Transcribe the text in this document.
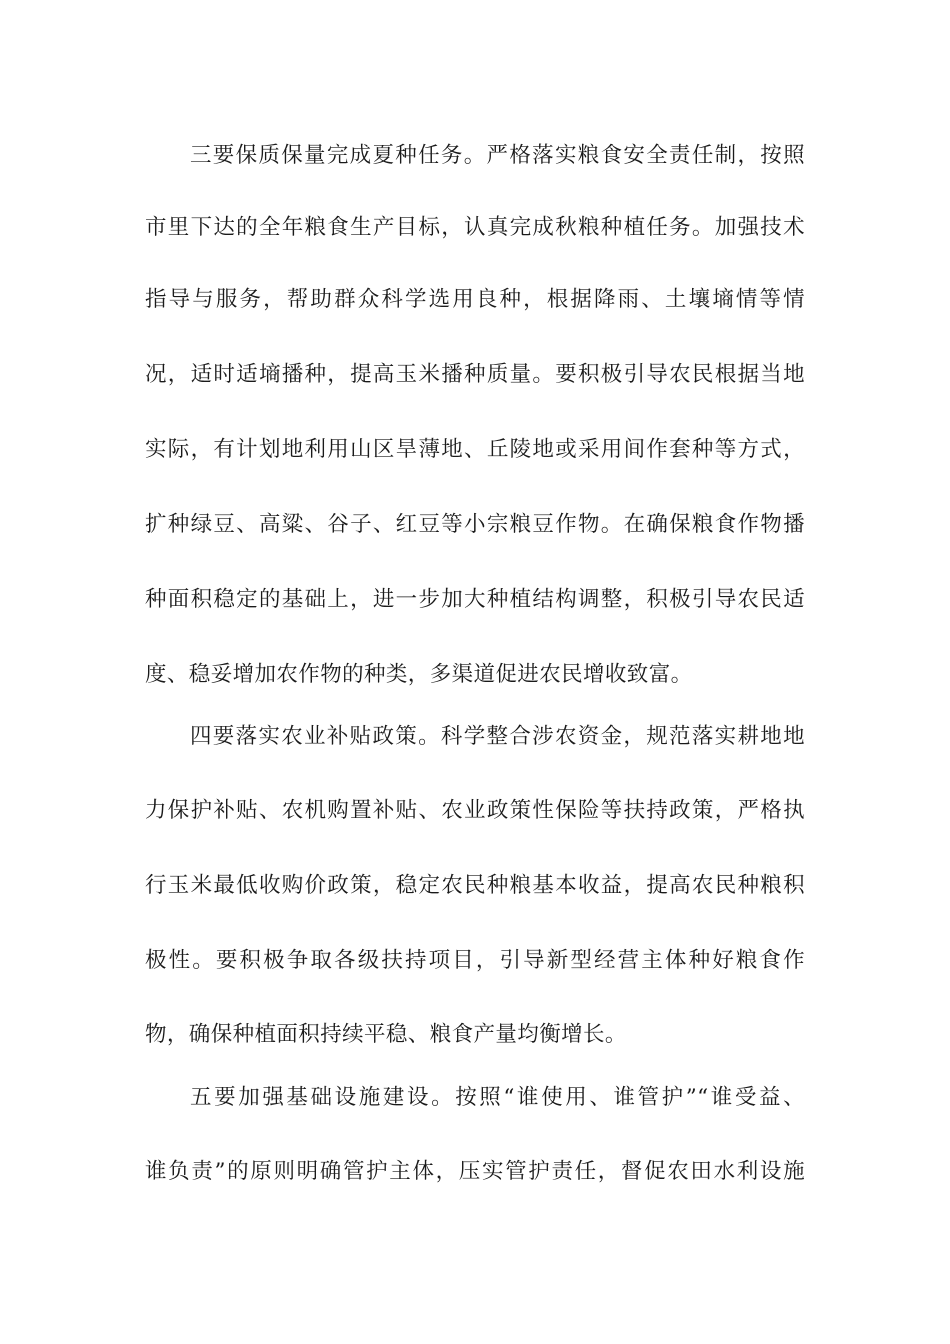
三要保质保量完成夏种任务。严格落实粮食安全责任制，按照
市里下达的全年粮食生产目标，认真完成秋粮种植任务。加强技术
指导与服务，帮助群众科学选用良种，根据降雨、土壤墒情等情
况，适时适墒播种，提高玉米播种质量。要积极引导农民根据当地
实际，有计划地利用山区旱薄地、丘陵地或采用间作套种等方式，
扩种绿豆、高粱、谷子、红豆等小宗粮豆作物。在确保粮食作物播
种面积稳定的基础上，进一步加大种植结构调整，积极引导农民适
度、稳妥增加农作物的种类，多渠道促进农民增收致富。
四要落实农业补贴政策。科学整合涉农资金，规范落实耕地地
力保护补贴、农机购置补贴、农业政策性保险等扶持政策，严格执
行玉米最低收购价政策，稳定农民种粮基本收益，提高农民种粮积
极性。要积极争取各级扶持项目，引导新型经营主体种好粮食作
物，确保种植面积持续平稳、粮食产量均衡增长。
五要加强基础设施建设。按照“谁使用、谁管护”“谁受益、
谁负责”的原则明确管护主体，压实管护责任，督促农田水利设施
